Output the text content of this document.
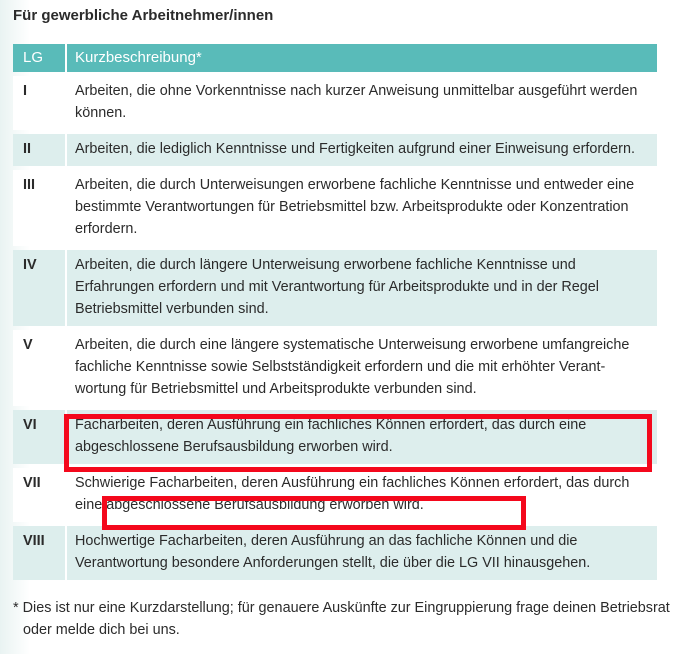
Für gewerbliche Arbeitnehmer/innen
LG	Kurzbeschreibung*
I	Arbeiten, die ohne Vorkenntnisse nach kurzer Anweisung unmittelbar ausgeführt werden können.
II	Arbeiten, die lediglich Kenntnisse und Fertigkeiten aufgrund einer Einweisung erfordern.
III	Arbeiten, die durch Unterweisungen erworbene fachliche Kenntnisse und entweder eine bestimmte Verantwortungen für Betriebsmittel bzw. Arbeitsprodukte oder Konzentration erfordern.
IV	Arbeiten, die durch längere Unterweisung erworbene fachliche Kenntnisse und Erfahrungen erfordern und mit Verantwortung für Arbeitsprodukte und in der Regel Betriebsmittel verbunden sind.
V	Arbeiten, die durch eine längere systematische Unterweisung erworbene umfangreiche fachliche Kenntnisse sowie Selbstständigkeit erfordern und die mit erhöhter Verant-wortung für Betriebsmittel und Arbeitsprodukte verbunden sind.
VI	Facharbeiten, deren Ausführung ein fachliches Können erfordert, das durch eine abgeschlossene Berufsausbildung erworben wird.
VII	Schwierige Facharbeiten, deren Ausführung ein fachliches Können erfordert, das durch eine abgeschlossene Berufsausbildung erworben wird.
VIII	Hochwertige Facharbeiten, deren Ausführung an das fachliche Können und die Verantwortung besondere Anforderungen stellt, die über die LG VII hinausgehen.
* Dies ist nur eine Kurzdarstellung; für genauere Auskünfte zur Eingruppierung frage deinen Betriebsrat oder melde dich bei uns.
